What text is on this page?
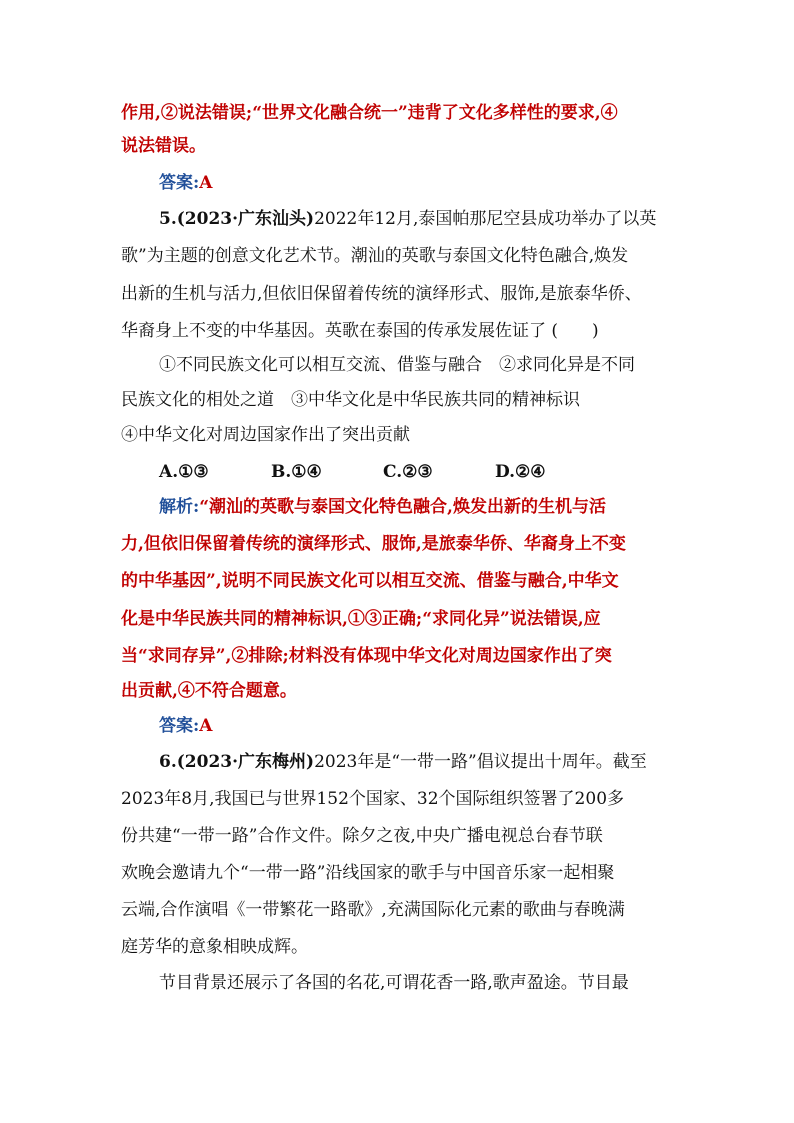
作用,②说法错误;“世界文化融合统一”违背了文化多样性的要求,④
说法错误。
答案:A
5.(2023·广东汕头)2022年12月,泰国帕那尼空县成功举办了以英
歌”为主题的创意文化艺术节。潮汕的英歌与泰国文化特色融合,焕发
出新的生机与活力,但依旧保留着传统的演绎形式、服饰,是旅泰华侨、
华裔身上不变的中华基因。英歌在泰国的传承发展佐证了 (　　)
①不同民族文化可以相互交流、借鉴与融合　②求同化异是不同
民族文化的相处之道　③中华文化是中华民族共同的精神标识
④中华文化对周边国家作出了突出贡献
A.①③	B.①④	C.②③	D.②④
解析:“潮汕的英歌与泰国文化特色融合,焕发出新的生机与活
力,但依旧保留着传统的演绎形式、服饰,是旅泰华侨、华裔身上不变
的中华基因”,说明不同民族文化可以相互交流、借鉴与融合,中华文
化是中华民族共同的精神标识,①③正确;“求同化异”说法错误,应
当“求同存异”,②排除;材料没有体现中华文化对周边国家作出了突
出贡献,④不符合题意。
答案:A
6.(2023·广东梅州)2023年是“一带一路”倡议提出十周年。截至
2023年8月,我国已与世界152个国家、32个国际组织签署了200多
份共建“一带一路”合作文件。除夕之夜,中央广播电视总台春节联
欢晚会邀请九个“一带一路”沿线国家的歌手与中国音乐家一起相聚
云端,合作演唱《一带繁花一路歌》,充满国际化元素的歌曲与春晚满
庭芳华的意象相映成辉。
节目背景还展示了各国的名花,可谓花香一路,歌声盈途。节目最
